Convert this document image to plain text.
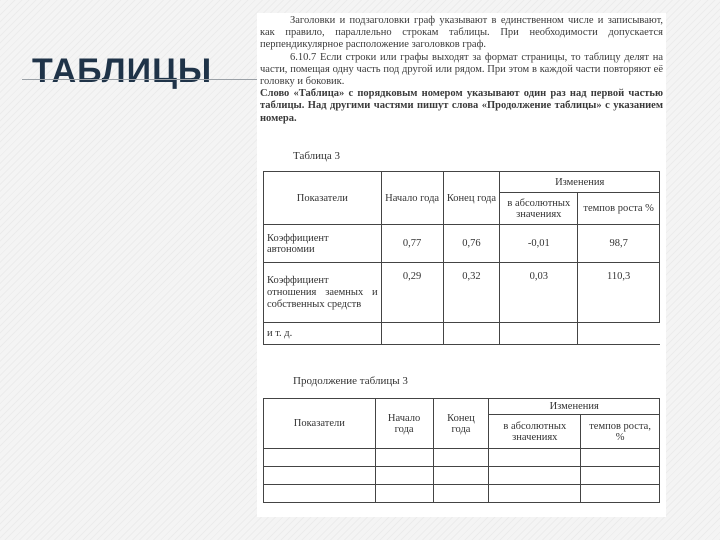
ТАБЛИЦЫ

Заголовки и подзаголовки граф указывают в единственном числе и записывают, как правило, параллельно строкам таблицы. При необходимости допускается перпендикулярное расположение заголовков граф.

6.10.7 Если строки или графы выходят за формат страницы, то таблицу делят на части, помещая одну часть под другой или рядом. При этом в каждой части повторяют её головку и боковик.

Слово «Таблица» с порядковым номером указывают один раз над первой частью таблицы. Над другими частями пишут слова «Продолжение таблицы» с указанием номера.

Таблица 3
Показатели	Начало года	Конец года	Изменения	
			в абсолютных значениях	темпов роста %
Коэффициент автономии	0,77	0,76	-0,01	98,7
Коэффициент отношения заемных и собственных средств	0,29	0,32	0,03	110,3
и т. д.				
Продолжение таблицы 3
Показатели	Начало года	Конец года	Изменения	
			в абсолютных значениях	темпов роста, %
